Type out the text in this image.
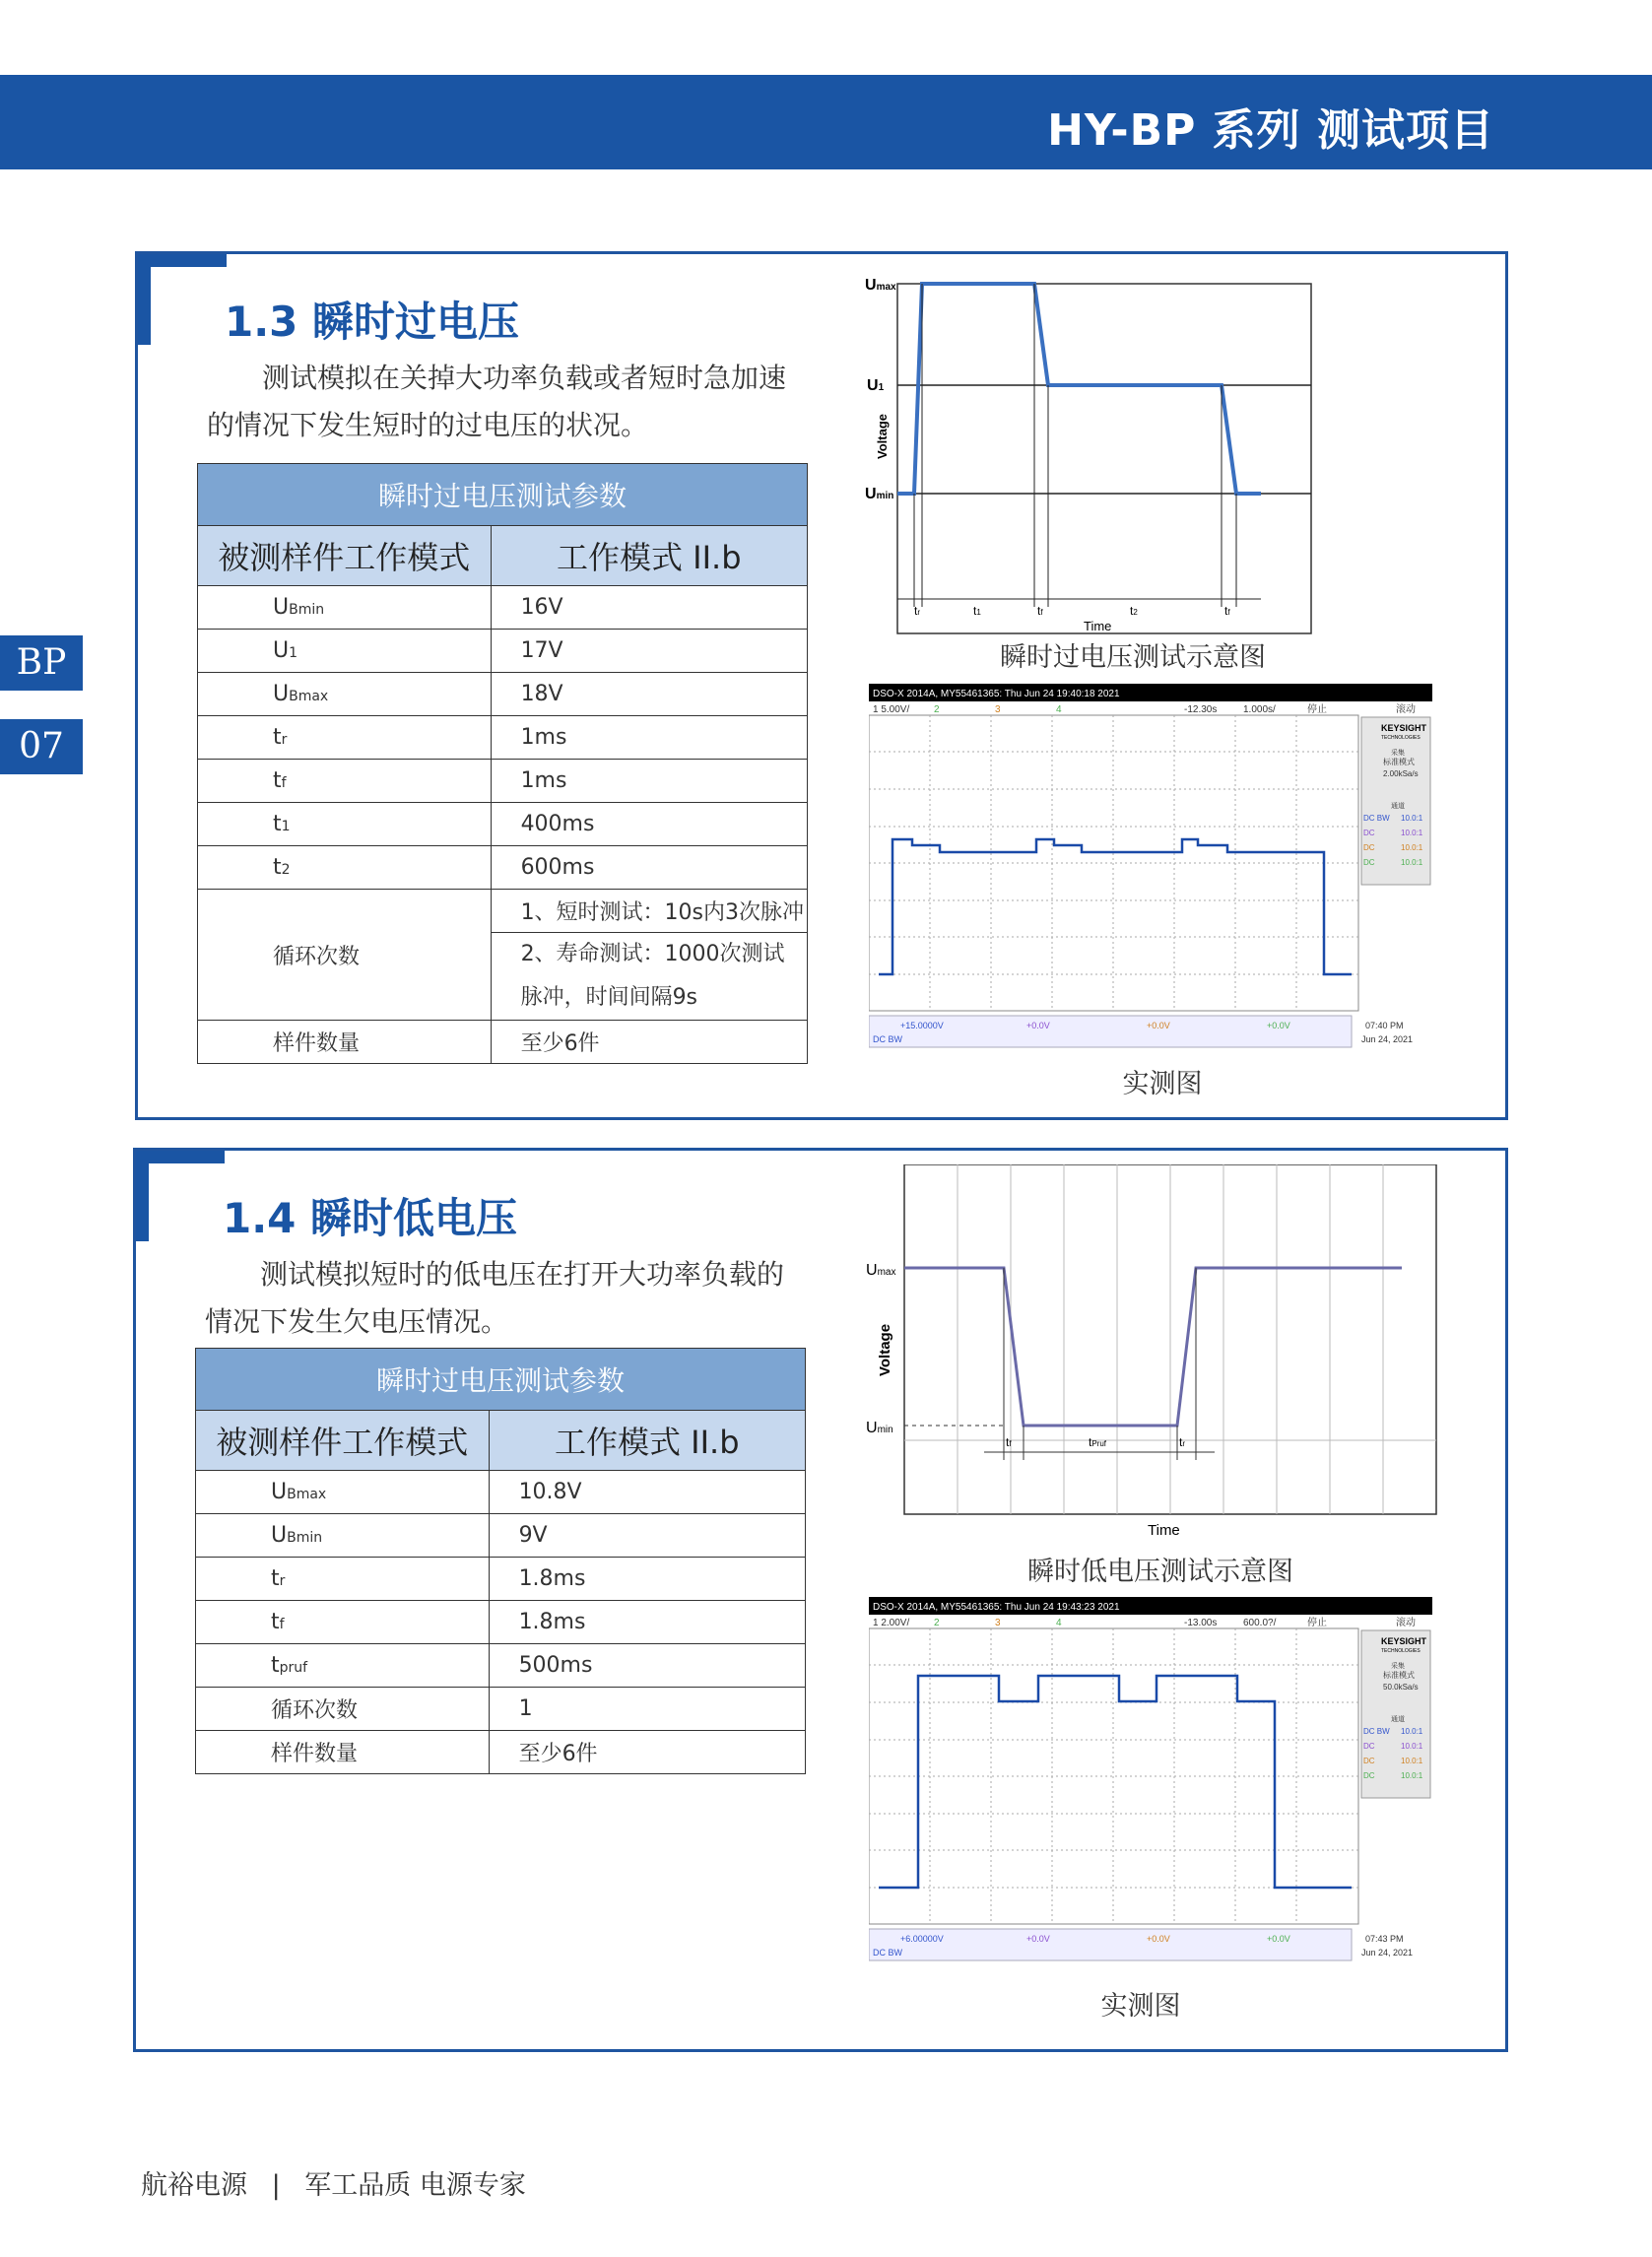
HY-BP 系列 测试项目
BP
07
1.3 瞬时过电压
测试模拟在关掉大功率负载或者短时急加速的情况下发生短时的过电压的状况。
瞬时过电压测试参数	
被测样件工作模式	工作模式 II.b
UBmin	16V
U1	17V
UBmax	18V
tr	1ms
tf	1ms
t1	400ms
t2	600ms
循环次数	1、短时测试：10s内3次脉冲
	2、寿命测试：1000次测试脉冲，时间间隔9s
样件数量	至少6件
Umax
U1
Umin
Voltage
Time
tr	t1	tf	t2	tf
瞬时过电压测试示意图
DSO-X 2014A, MY55461365: Thu Jun 24 19:40:18 2021
1 5.00V/ 2	3	4	-12.30s	1.000s/	停止	滚动
KEYSIGHT
TECHNOLOGIES
采集
标准模式
2.00kSa/s
通道
DC BW 10.0:1
DC	10.0:1
DC	10.0:1
DC	10.0:1
+15.0000V	+0.0V	+0.0V	+0.0V
DC BW
07:40 PM
Jun 24, 2021
实测图
1.4 瞬时低电压
测试模拟短时的低电压在打开大功率负载的情况下发生欠电压情况。
瞬时过电压测试参数	
被测样件工作模式	工作模式 II.b
UBmax	10.8V
UBmin	9V
tr	1.8ms
tf	1.8ms
tpruf	500ms
循环次数	1
样件数量	至少6件
Umax
Umin
Voltage
Time
tf	tPruf	tr
瞬时低电压测试示意图
DSO-X 2014A, MY55461365: Thu Jun 24 19:43:23 2021
1 2.00V/ 2	3	4	-13.00s	600.0?/	停止	滚动
KEYSIGHT
TECHNOLOGIES
采集
标准模式
50.0kSa/s
通道
DC BW 10.0:1
DC	10.0:1
DC	10.0:1
DC	10.0:1
+6.00000V	+0.0V	+0.0V	+0.0V
DC BW
07:43 PM
Jun 24, 2021
实测图
航裕电源 | 军工品质 电源专家
